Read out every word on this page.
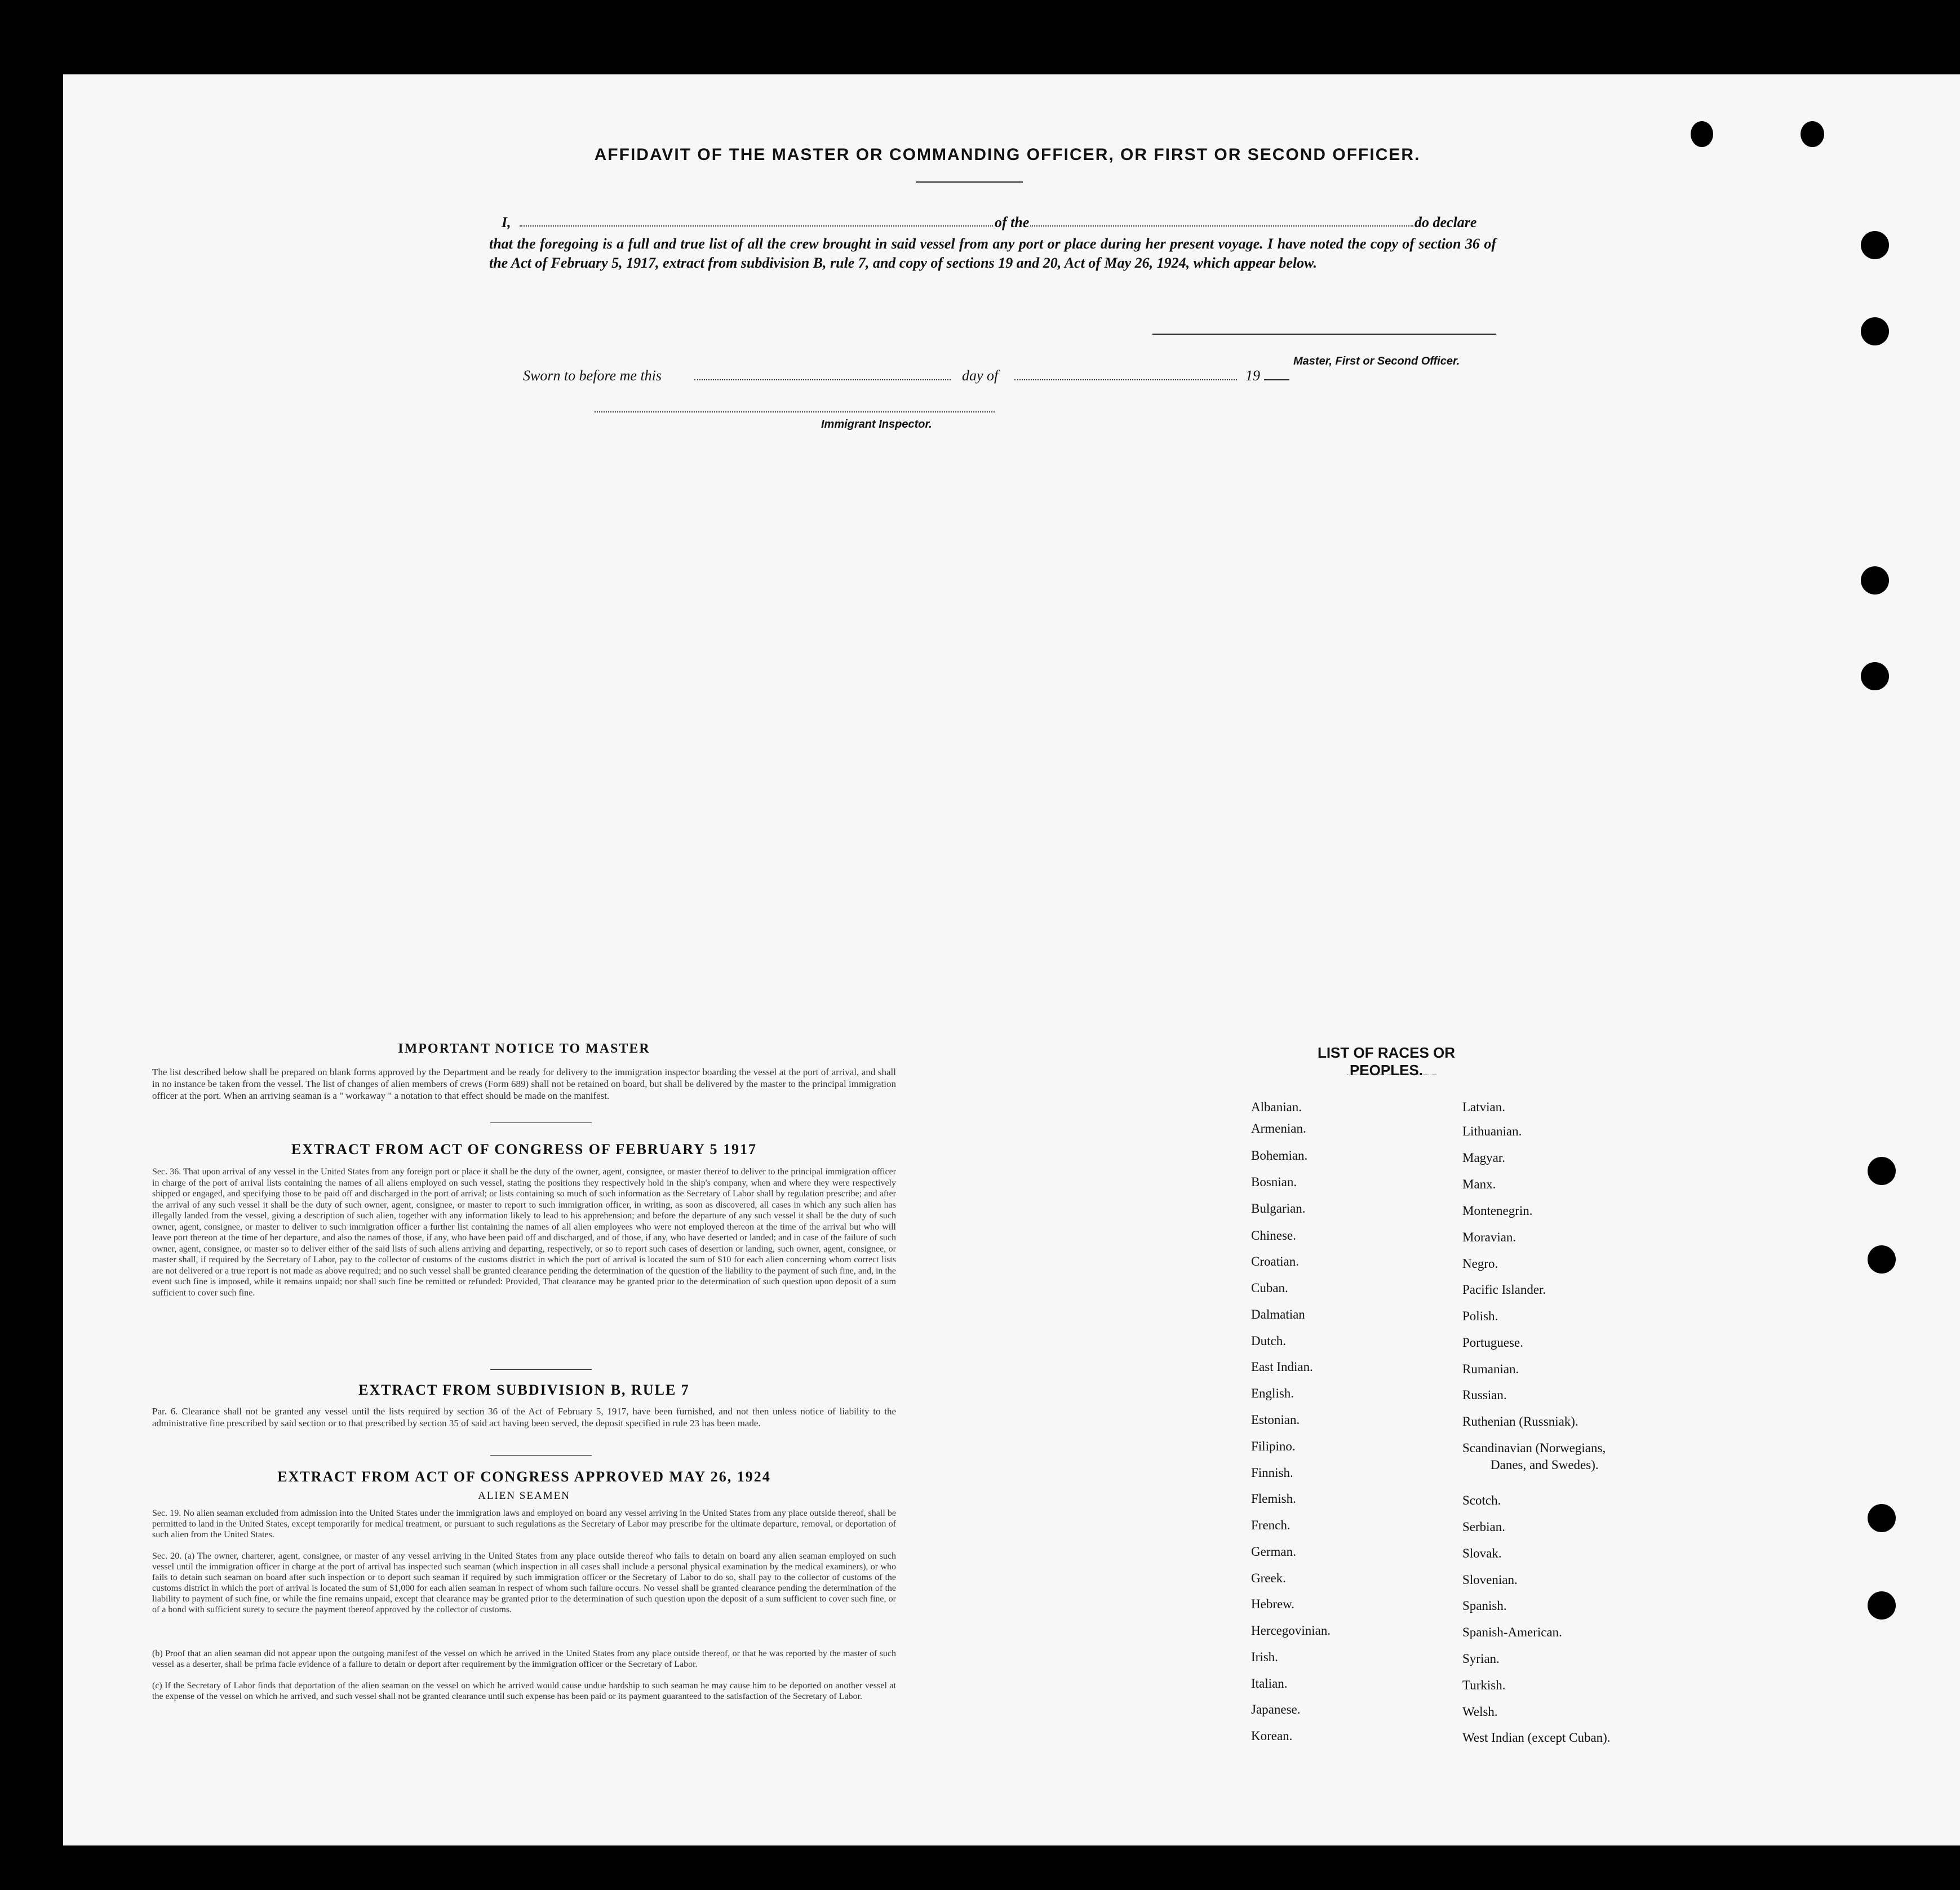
AFFIDAVIT OF THE MASTER OR COMMANDING OFFICER, OR FIRST OR SECOND OFFICER.
I,	of the	do declare
that the foregoing is a full and true list of all the crew brought in said vessel from any port or place during her present voyage. I have noted the copy of section 36 of the Act of February 5, 1917, extract from subdivision B, rule 7, and copy of sections 19 and 20, Act of May 26, 1924, which appear below.
Master, First or Second Officer.
Sworn to before me this	day of	19
Immigrant Inspector.
IMPORTANT NOTICE TO MASTER
The list described below shall be prepared on blank forms approved by the Department and be ready for delivery to the immigration inspector boarding the vessel at the port of arrival, and shall in no instance be taken from the vessel. The list of changes of alien members of crews (Form 689) shall not be retained on board, but shall be delivered by the master to the principal immigration officer at the port. When an arriving seaman is a " workaway " a notation to that effect should be made on the manifest.
EXTRACT FROM ACT OF CONGRESS OF FEBRUARY 5 1917
Sec. 36. That upon arrival of any vessel in the United States from any foreign port or place it shall be the duty of the owner, agent, consignee, or master thereof to deliver to the principal immigration officer in charge of the port of arrival lists containing the names of all aliens employed on such vessel, stating the positions they respectively hold in the ship's company, when and where they were respectively shipped or engaged, and specifying those to be paid off and discharged in the port of arrival; or lists containing so much of such information as the Secretary of Labor shall by regulation prescribe; and after the arrival of any such vessel it shall be the duty of such owner, agent, consignee, or master to report to such immigration officer, in writing, as soon as discovered, all cases in which any such alien has illegally landed from the vessel, giving a description of such alien, together with any information likely to lead to his apprehension; and before the departure of any such vessel it shall be the duty of such owner, agent, consignee, or master to deliver to such immigration officer a further list containing the names of all alien employees who were not employed thereon at the time of the arrival but who will leave port thereon at the time of her departure, and also the names of those, if any, who have been paid off and discharged, and of those, if any, who have deserted or landed; and in case of the failure of such owner, agent, consignee, or master so to deliver either of the said lists of such aliens arriving and departing, respectively, or so to report such cases of desertion or landing, such owner, agent, consignee, or master shall, if required by the Secretary of Labor, pay to the collector of customs of the customs district in which the port of arrival is located the sum of $10 for each alien concerning whom correct lists are not delivered or a true report is not made as above required; and no such vessel shall be granted clearance pending the determination of the question of the liability to the payment of such fine, and, in the event such fine is imposed, while it remains unpaid; nor shall such fine be remitted or refunded: Provided, That clearance may be granted prior to the determination of such question upon deposit of a sum sufficient to cover such fine.
EXTRACT FROM SUBDIVISION B, RULE 7
Par. 6. Clearance shall not be granted any vessel until the lists required by section 36 of the Act of February 5, 1917, have been furnished, and not then unless notice of liability to the administrative fine prescribed by said section or to that prescribed by section 35 of said act having been served, the deposit specified in rule 23 has been made.
EXTRACT FROM ACT OF CONGRESS APPROVED MAY 26, 1924
ALIEN SEAMEN
Sec. 19. No alien seaman excluded from admission into the United States under the immigration laws and employed on board any vessel arriving in the United States from any place outside thereof, shall be permitted to land in the United States, except temporarily for medical treatment, or pursuant to such regulations as the Secretary of Labor may prescribe for the ultimate departure, removal, or deportation of such alien from the United States.
Sec. 20. (a) The owner, charterer, agent, consignee, or master of any vessel arriving in the United States from any place outside thereof who fails to detain on board any alien seaman employed on such vessel until the immigration officer in charge at the port of arrival has inspected such seaman (which inspection in all cases shall include a personal physical examination by the medical examiners), or who fails to detain such seaman on board after such inspection or to deport such seaman if required by such immigration officer or the Secretary of Labor to do so, shall pay to the collector of customs of the customs district in which the port of arrival is located the sum of $1,000 for each alien seaman in respect of whom such failure occurs. No vessel shall be granted clearance pending the determination of the liability to payment of such fine, or while the fine remains unpaid, except that clearance may be granted prior to the determination of such question upon the deposit of a sum sufficient to cover such fine, or of a bond with sufficient surety to secure the payment thereof approved by the collector of customs.
(b) Proof that an alien seaman did not appear upon the outgoing manifest of the vessel on which he arrived in the United States from any place outside thereof, or that he was reported by the master of such vessel as a deserter, shall be prima facie evidence of a failure to detain or deport after requirement by the immigration officer or the Secretary of Labor.
(c) If the Secretary of Labor finds that deportation of the alien seaman on the vessel on which he arrived would cause undue hardship to such seaman he may cause him to be deported on another vessel at the expense of the vessel on which he arrived, and such vessel shall not be granted clearance until such expense has been paid or its payment guaranteed to the satisfaction of the Secretary of Labor.
LIST OF RACES OR PEOPLES.
Albanian.
Armenian.
Bohemian.
Bosnian.
Bulgarian.
Chinese.
Croatian.
Cuban.
Dalmatian
Dutch.
East Indian.
English.
Estonian.
Filipino.
Finnish.
Flemish.
French.
German.
Greek.
Hebrew.
Hercegovinian.
Irish.
Italian.
Japanese.
Korean.
Latvian.
Lithuanian.
Magyar.
Manx.
Montenegrin.
Moravian.
Negro.
Pacific Islander.
Polish.
Portuguese.
Rumanian.
Russian.
Ruthenian (Russniak).
Scandinavian (Norwegians,
Danes, and Swedes).
Scotch.
Serbian.
Slovak.
Slovenian.
Spanish.
Spanish-American.
Syrian.
Turkish.
Welsh.
West Indian (except Cuban).
